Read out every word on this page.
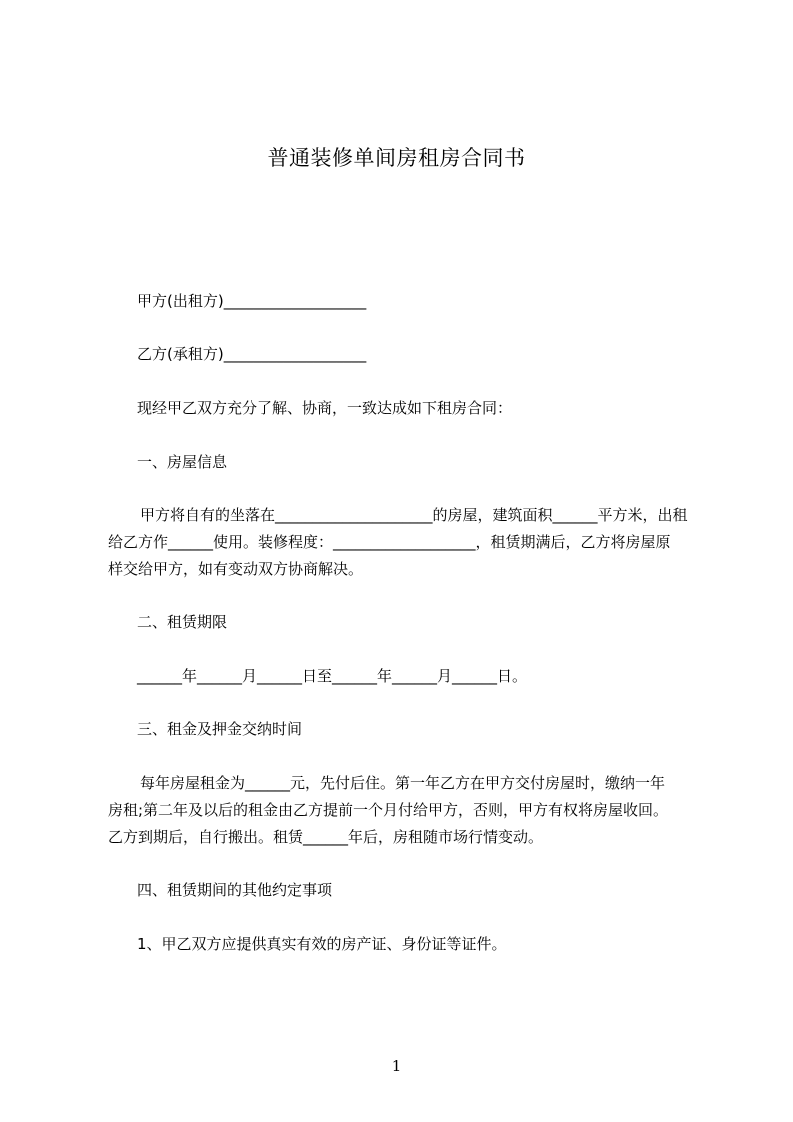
普通装修单间房租房合同书
甲方(出租方)___________________
乙方(承租方)___________________
现经甲乙双方充分了解、协商，一致达成如下租房合同：
一、房屋信息
甲方将自有的坐落在_____________________的房屋，建筑面积______平方米，出租
给乙方作______使用。装修程度：___________________，租赁期满后，乙方将房屋原
样交给甲方，如有变动双方协商解决。
二、租赁期限
______年______月______日至______年______月______日。
三、租金及押金交纳时间
每年房屋租金为______元，先付后住。第一年乙方在甲方交付房屋时，缴纳一年
房租;第二年及以后的租金由乙方提前一个月付给甲方，否则，甲方有权将房屋收回。
乙方到期后，自行搬出。租赁______年后，房租随市场行情变动。
四、租赁期间的其他约定事项
1、甲乙双方应提供真实有效的房产证、身份证等证件。
1
